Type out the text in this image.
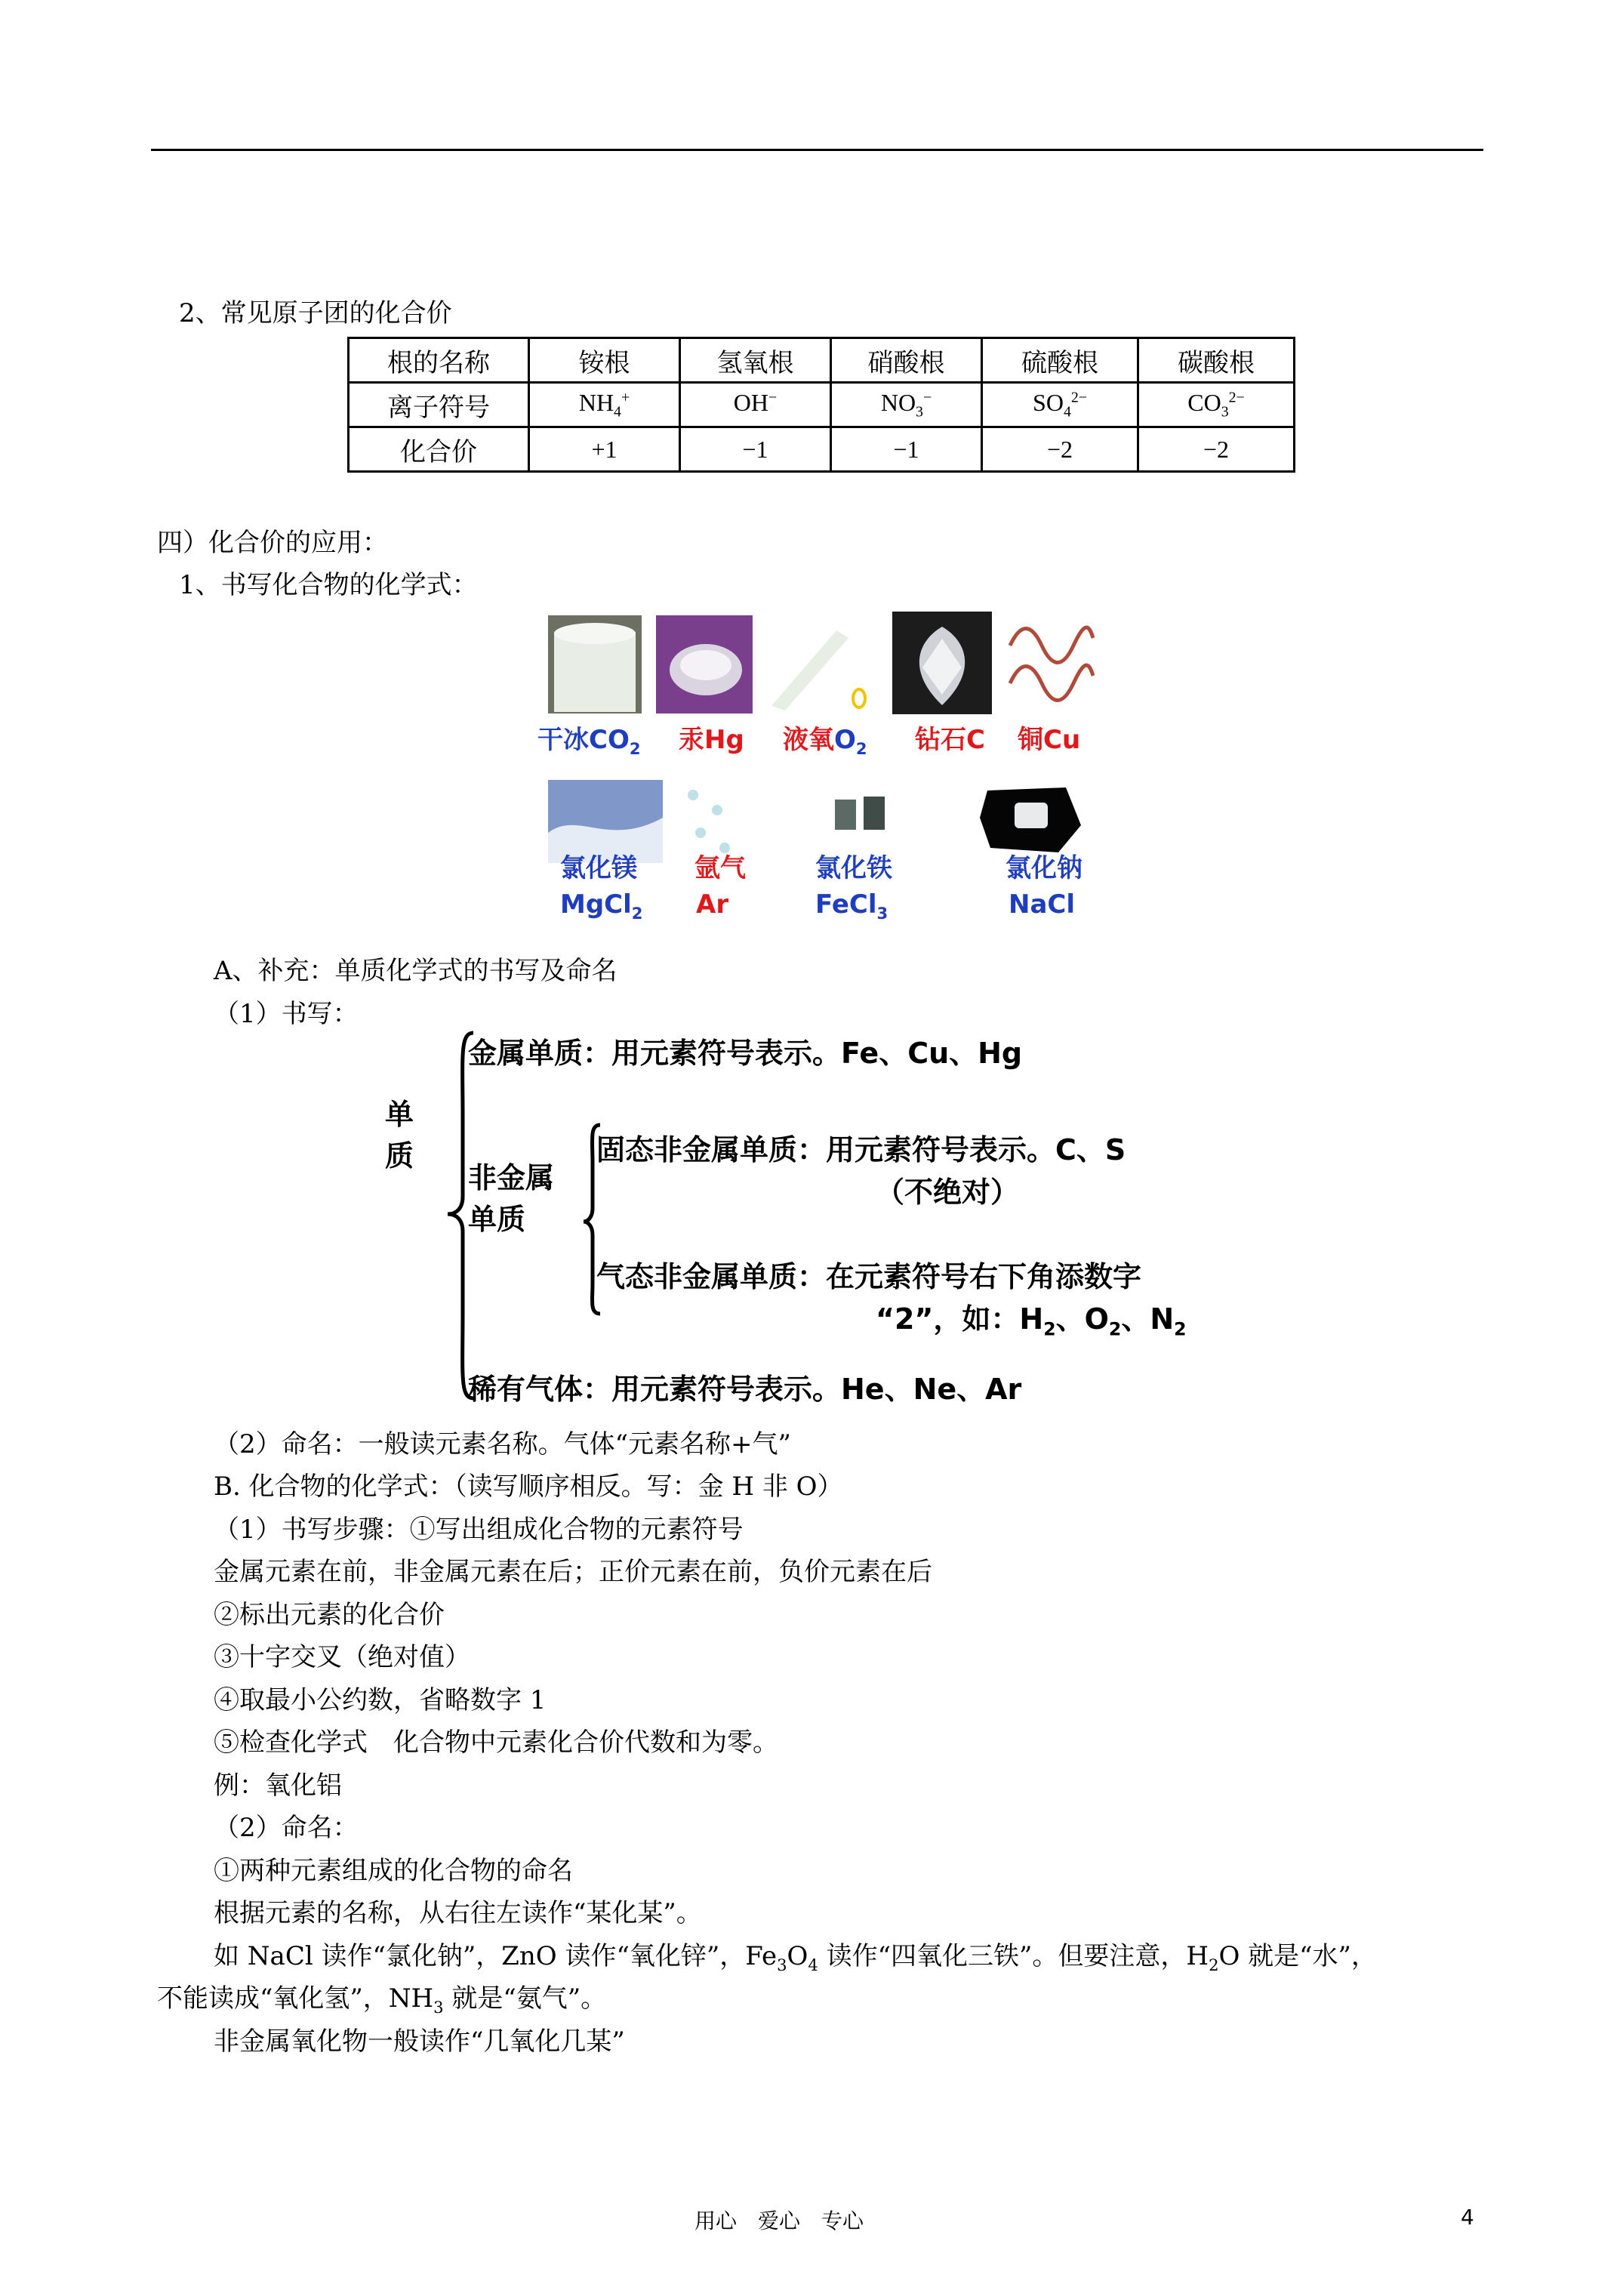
2、常见原子团的化合价
根的名称	铵根	氢氧根	硝酸根	硫酸根	碳酸根
离子符号	$NH_4^+$	OH−	$NO_3^-$	$SO_4^{2-}$	$CO_3^{2-}$
化合价	+1	−1	−1	−2	−2
四）化合价的应用：
1、书写化合物的化学式：
干冰$CO_2$ 汞Hg 液氧$O_2$ 钻石C 铜Cu
氯化镁
MgCl$_2$
氩气
Ar
氯化铁
FeCl$_3$
氯化钠
NaCl
A、补充：单质化学式的书写及命名
（1）书写：
单
质
金属单质：用元素符号表示。Fe、Cu、Hg
非金属
单质
固态非金属单质：用元素符号表示。C、S
（不绝对）
气态非金属单质：在元素符号右下角添数字
“2”，如：$H_2$、$O_2$、$N_2$
稀有气体：用元素符号表示。He、Ne、Ar
（2）命名：一般读元素名称。气体“元素名称+气”
B. 化合物的化学式：（读写顺序相反。写：金 H 非 O）
（1）书写步骤：①写出组成化合物的元素符号
金属元素在前，非金属元素在后；正价元素在前，负价元素在后
②标出元素的化合价
③十字交叉（绝对值）
④取最小公约数，省略数字 1
⑤检查化学式　化合物中元素化合价代数和为零。
例：氧化铝
（2）命名：
①两种元素组成的化合物的命名
根据元素的名称，从右往左读作“某化某”。
如 NaCl 读作“氯化钠”，ZnO 读作“氧化锌”，$Fe_3O_4$ 读作“四氧化三铁”。但要注意，$H_2O$ 就是“水”，
不能读成“氧化氢”，$NH_3$ 就是“氨气”。
非金属氧化物一般读作“几氧化几某”
用心　爱心　专心	4
